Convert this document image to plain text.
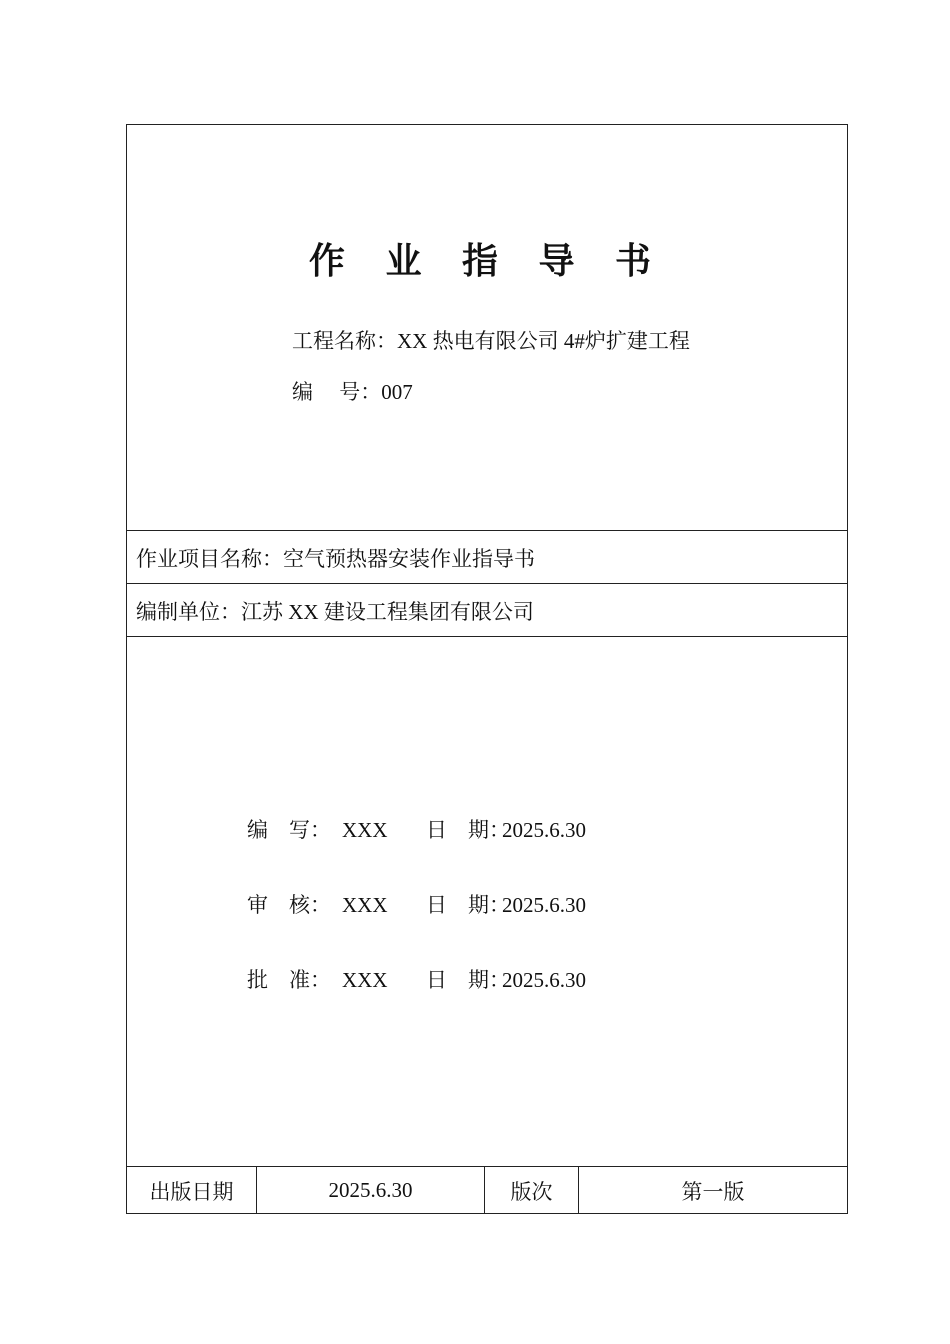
作 业 指 导 书
工程名称：XX 热电有限公司 4#炉扩建工程
编　 号：007
作业项目名称：空气预热器安装作业指导书
编制单位：江苏 XX 建设工程集团有限公司
编　写： XXX 日　期：2025.6.30
审　核： XXX 日　期：2025.6.30
批　准： XXX 日　期：2025.6.30
出版日期	2025.6.30	版次	第一版
